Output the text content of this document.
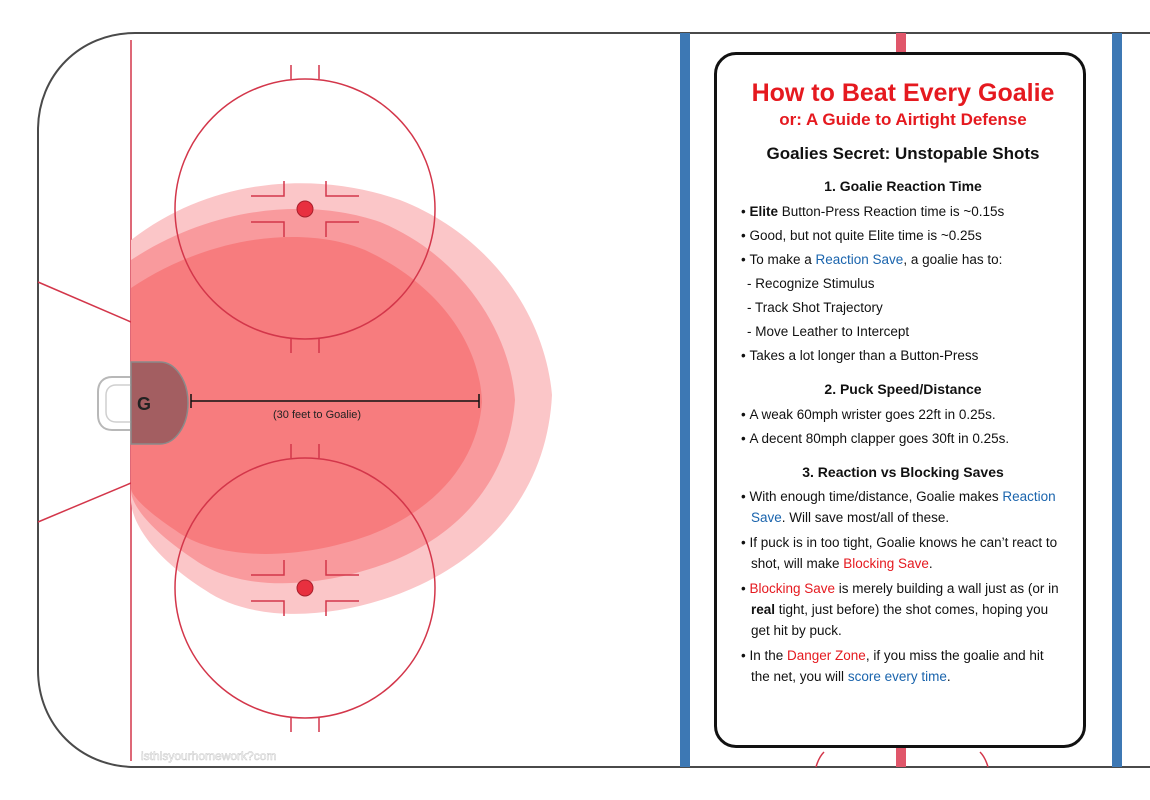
G
(30 feet to Goalie)
isthisyourhomework?com
How to Beat Every Goalie
or: A Guide to Airtight Defense
Goalies Secret: Unstopable Shots
1. Goalie Reaction Time
• Elite Button-Press Reaction time is ~0.15s
• Good, but not quite Elite time is ~0.25s
• To make a Reaction Save, a goalie has to:
- Recognize Stimulus
- Track Shot Trajectory
- Move Leather to Intercept
• Takes a lot longer than a Button-Press
2. Puck Speed/Distance
• A weak 60mph wrister goes 22ft in 0.25s.
• A decent 80mph clapper goes 30ft in 0.25s.
3. Reaction vs Blocking Saves
• With enough time/distance, Goalie makes Reaction Save. Will save most/all of these.
• If puck is in too tight, Goalie knows he can’t react to shot, will make Blocking Save.
• Blocking Save is merely building a wall just as (or in real tight, just before) the shot comes, hoping you get hit by puck.
• In the Danger Zone, if you miss the goalie and hit the net, you will score every time.
